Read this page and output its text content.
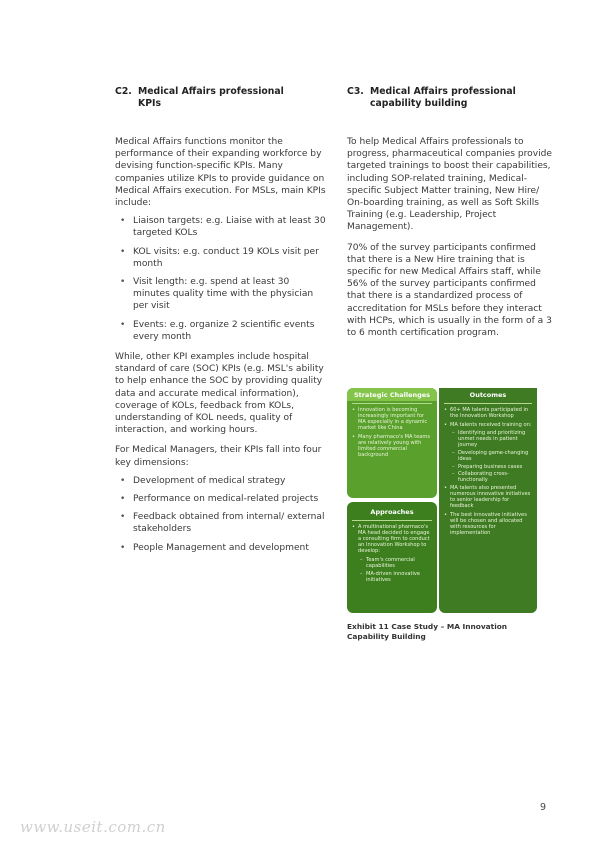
C2. Medical Affairs professional
KPIs

Medical Affairs functions monitor the performance of their expanding workforce by devising function-specific KPIs. Many companies utilize KPIs to provide guidance on Medical Affairs execution. For MSLs, main KPIs include:

• Liaison targets: e.g. Liaise with at least 30 targeted KOLs
• KOL visits: e.g. conduct 19 KOLs visit per month
• Visit length: e.g. spend at least 30 minutes quality time with the physician per visit
• Events: e.g. organize 2 scientific events every month

While, other KPI examples include hospital standard of care (SOC) KPIs (e.g. MSL's ability to help enhance the SOC by providing quality data and accurate medical information), coverage of KOLs, feedback from KOLs, understanding of KOL needs, quality of interaction, and working hours.

For Medical Managers, their KPIs fall into four key dimensions:

• Development of medical strategy
• Performance on medical-related projects
• Feedback obtained from internal/ external stakeholders
• People Management and development
C3. Medical Affairs professional
capability building

To help Medical Affairs professionals to progress, pharmaceutical companies provide targeted trainings to boost their capabilities, including SOP-related training, Medical-specific Subject Matter training, New Hire/ On-boarding training, as well as Soft Skills Training (e.g. Leadership, Project Management).

70% of the survey participants confirmed that there is a New Hire training that is specific for new Medical Affairs staff, while 56% of the survey participants confirmed that there is a standardized process of accreditation for MSLs before they interact with HCPs, which is usually in the form of a 3 to 6 month certification program.

Strategic Challenges
• Innovation is becoming increasingly important for MA especially in a dynamic market like China
• Many pharmaco's MA teams are relatively young with limited commercial background
Approaches
• A multinational pharmaco's MA head decided to engage a consulting firm to conduct an Innovation Workshop to develop:
– Team's commercial capabilities
– MA-driven innovative initiatives
Outcomes
• 60+ MA talents participated in the Innovation Workshop
• MA talents received training on:
– Identifying and prioritizing unmet needs in patient journey
– Developing game-changing ideas
– Preparing business cases
– Collaborating cross-functionally
• MA talents also presented numerous innovative initiatives to senior leadership for feedback
• The best innovative initiatives will be chosen and allocated with resources for implementation
Exhibit 11 Case Study – MA Innovation
Capability Building
9
www.useit.com.cn
